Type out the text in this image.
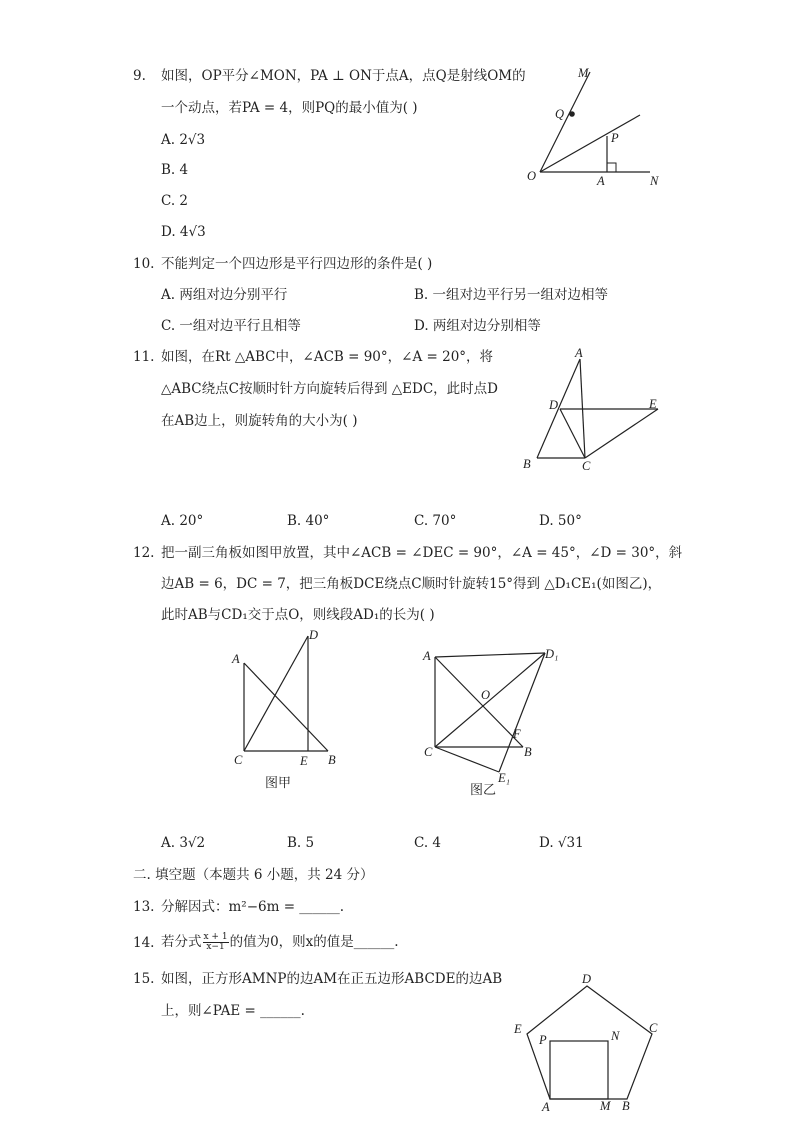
9. 如图，OP平分∠MON，PA ⊥ ON于点A，点Q是射线OM的
一个动点，若PA = 4，则PQ的最小值为( )
A. 2√3
B. 4
C. 2
D. 4√3
M
Q
P
O	A	N
10. 不能判定一个四边形是平行四边形的条件是( )
A. 两组对边分别平行	B. 一组对边平行另一组对边相等
C. 一组对边平行且相等	D. 两组对边分别相等
11. 如图，在Rt △ABC中，∠ACB = 90°，∠A = 20°，将
△ABC绕点C按顺时针方向旋转后得到 △EDC，此时点D
在AB边上，则旋转角的大小为( )
A
D	E
B	C
A. 20°	B. 40°	C. 70°	D. 50°
12. 把一副三角板如图甲放置，其中∠ACB = ∠DEC = 90°，∠A = 45°，∠D = 30°，斜
边AB = 6，DC = 7，把三角板DCE绕点C顺时针旋转15°得到 △D₁CE₁(如图乙)，
此时AB与CD₁交于点O，则线段AD₁的长为( )
D
A
C	E B
图甲
A	D₁
O
F
C	B
E₁
图乙
A. 3√2	B. 5	C. 4	D. √31
二. 填空题（本题共 6 小题，共 24 分）
13. 分解因式：m²−6m = ______.
14. 若分式 $\frac{x + 1}{x-1}$ 的值为0，则x的值是______.
15. 如图，正方形AMNP的边AM在正五边形ABCDE的边AB
上，则∠PAE = ______.
D
E	C
P	N
A	M B
